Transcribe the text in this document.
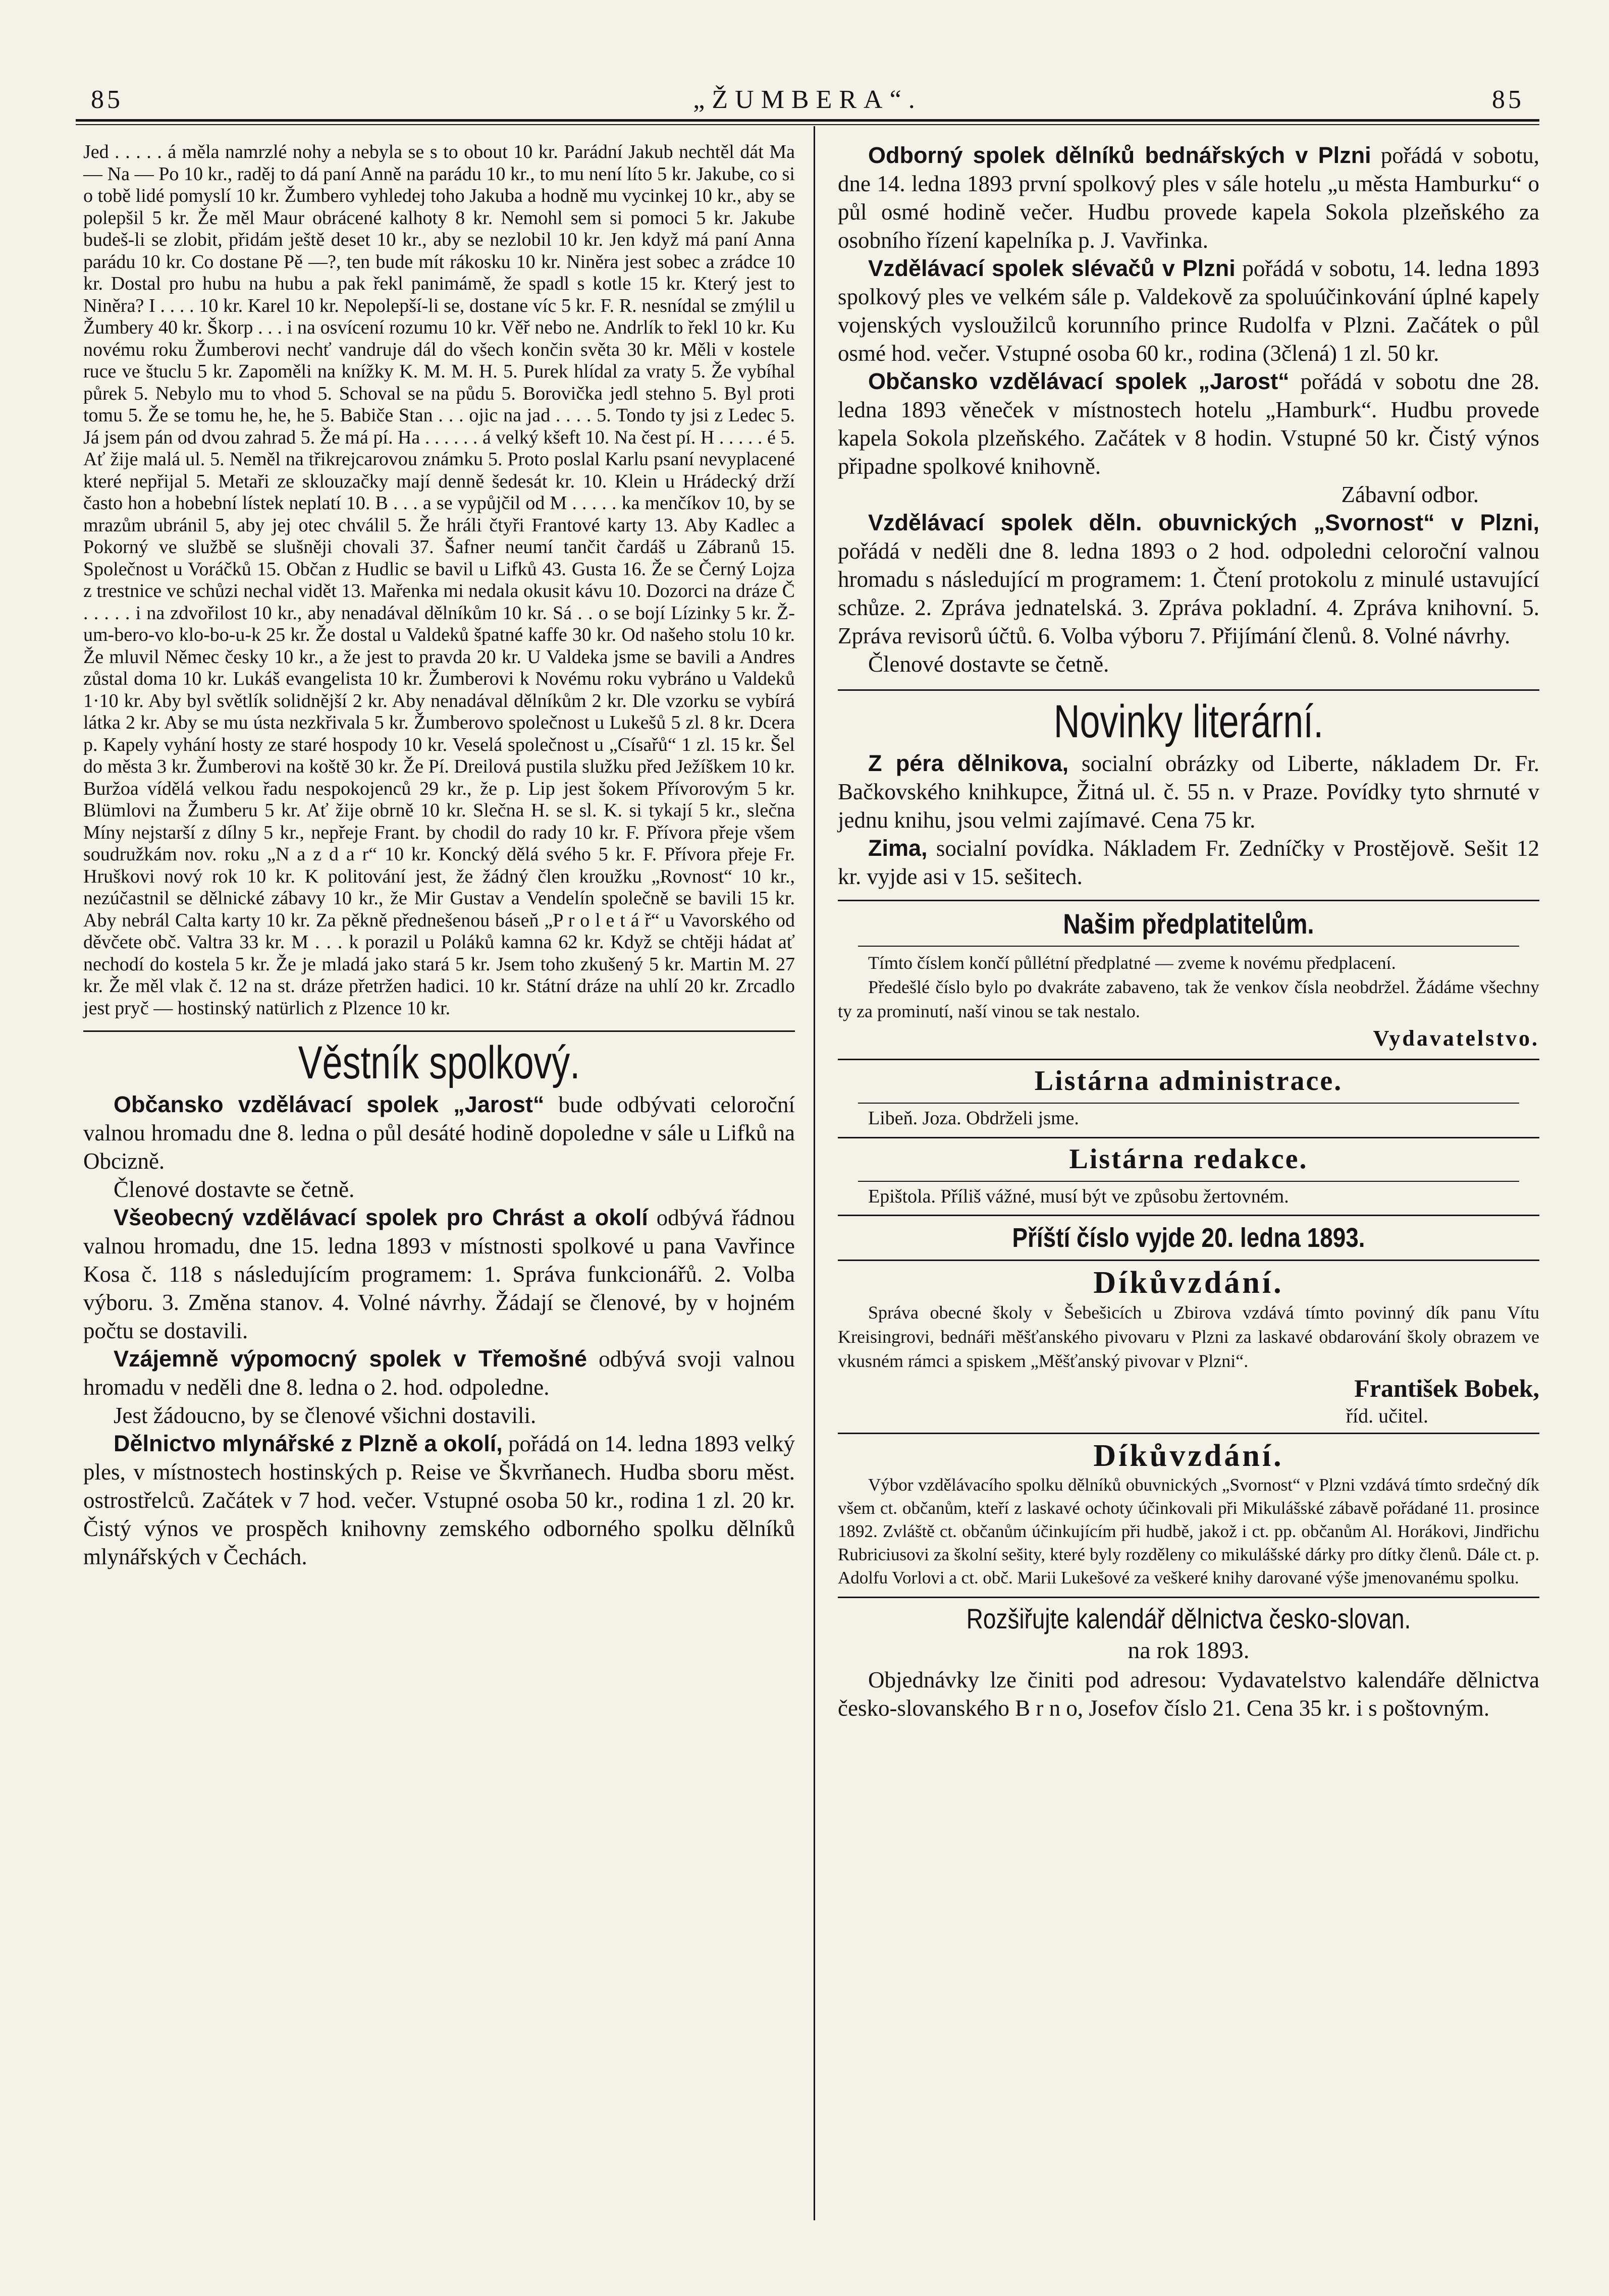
85	„ŽUMBERA“.	85

Jed . . . . . á měla namrzlé nohy a nebyla se s to obout 10 kr. Parádní Jakub nechtěl dát Ma — Na — Po 10 kr., raděj to dá paní Anně na parádu 10 kr., to mu není líto 5 kr. Jakube, co si o tobě lidé pomyslí 10 kr. Žumbero vyhledej toho Jakuba a hodně mu vycinkej 10 kr., aby se polepšil 5 kr. Že měl Maur obrácené kalhoty 8 kr. Nemohl sem si pomoci 5 kr. Jakube budeš-li se zlobit, přidám ještě deset 10 kr., aby se nezlobil 10 kr. Jen když má paní Anna parádu 10 kr. Co dostane Pě —?, ten bude mít rákosku 10 kr. Niněra jest sobec a zrádce 10 kr. Dostal pro hubu na hubu a pak řekl panimámě, že spadl s kotle 15 kr. Který jest to Niněra? I . . . . 10 kr. Karel 10 kr. Nepolepší-li se, dostane víc 5 kr. F. R. nesnídal se zmýlil u Žumbery 40 kr. Škorp . . . i na osvícení rozumu 10 kr. Věř nebo ne. Andrlík to řekl 10 kr. Ku novému roku Žumberovi nechť vandruje dál do všech končin světa 30 kr. Měli v kostele ruce ve štuclu 5 kr. Zapoměli na knížky K. M. M. H. 5. Purek hlídal za vraty 5. Že vybíhal půrek 5. Nebylo mu to vhod 5. Schoval se na půdu 5. Borovička jedl stehno 5. Byl proti tomu 5. Že se tomu he, he, he 5. Babiče Stan . . . ojic na jad . . . . 5. Tondo ty jsi z Ledec 5. Já jsem pán od dvou zahrad 5. Že má pí. Ha . . . . . . á velký kšeft 10. Na čest pí. H . . . . . é 5. Ať žije malá ul. 5. Neměl na třikrejcarovou známku 5. Proto poslal Karlu psaní nevyplacené které nepřijal 5. Metaři ze sklouzačky mají denně šedesát kr. 10. Klein u Hrádecký drží často hon a hobební lístek neplatí 10. B . . . a se vypůjčil od M . . . . . ka menčíkov 10, by se mrazům ubránil 5, aby jej otec chválil 5. Že hráli čtyři Frantové karty 13. Aby Kadlec a Pokorný ve službě se slušněji chovali 37. Šafner neumí tančit čardáš u Zábranů 15. Společnost u Voráčků 15. Občan z Hudlic se bavil u Lifků 43. Gusta 16. Že se Černý Lojza z trestnice ve schůzi nechal vidět 13. Mařenka mi nedala okusit kávu 10. Dozorci na dráze Č . . . . . i na zdvořilost 10 kr., aby nenadával dělníkům 10 kr. Sá . . o se bojí Lízinky 5 kr. Ž-um-bero-vo klo-bo-u-k 25 kr. Že dostal u Valdeků špatné kaffe 30 kr. Od našeho stolu 10 kr. Že mluvil Němec česky 10 kr., a že jest to pravda 20 kr. U Valdeka jsme se bavili a Andres zůstal doma 10 kr. Lukáš evangelista 10 kr. Žumberovi k Novému roku vybráno u Valdeků 1·10 kr. Aby byl světlík solidnější 2 kr. Aby nenadával dělníkům 2 kr. Dle vzorku se vybírá látka 2 kr. Aby se mu ústa nezkřivala 5 kr. Žumberovo společnost u Lukešů 5 zl. 8 kr. Dcera p. Kapely vyhání hosty ze staré hospody 10 kr. Veselá společnost u „Císařů“ 1 zl. 15 kr. Šel do města 3 kr. Žumberovi na koště 30 kr. Že Pí. Dreilová pustila služku před Ježíškem 10 kr. Buržoa vídělá velkou řadu nespokojenců 29 kr., že p. Lip jest šokem Přívorovým 5 kr. Blümlovi na Žumberu 5 kr. Ať žije obrně 10 kr. Slečna H. se sl. K. si tykají 5 kr., slečna Míny nejstarší z dílny 5 kr., nepřeje Frant. by chodil do rady 10 kr. F. Přívora přeje všem soudružkám nov. roku „N a z d a r“ 10 kr. Koncký dělá svého 5 kr. F. Přívora přeje Fr. Hruškovi nový rok 10 kr. K politování jest, že žádný člen kroužku „Rovnost“ 10 kr., nezúčastnil se dělnické zábavy 10 kr., že Mir Gustav a Vendelín společně se bavili 15 kr. Aby nebrál Calta karty 10 kr. Za pěkně přednešenou báseň „P r o l e t á ř“ u Vavorského od děvčete obč. Valtra 33 kr. M . . . k porazil u Poláků kamna 62 kr. Když se chtěji hádat ať nechodí do kostela 5 kr. Že je mladá jako stará 5 kr. Jsem toho zkušený 5 kr. Martin M. 27 kr. Že měl vlak č. 12 na st. dráze přetržen hadici. 10 kr. Státní dráze na uhlí 20 kr. Zrcadlo jest pryč — hostinský natürlich z Plzence 10 kr.

Věstník spolkový.

Občansko vzdělávací spolek „Jarost“ bude odbývati celoroční valnou hromadu dne 8. ledna o půl desáté hodině dopoledne v sále u Lifků na Obcizně.

Členové dostavte se četně.

Všeobecný vzdělávací spolek pro Chrást a okolí odbývá řádnou valnou hromadu, dne 15. ledna 1893 v místnosti spolkové u pana Vavřince Kosa č. 118 s následujícím programem: 1. Správa funkcionářů. 2. Volba výboru. 3. Změna stanov. 4. Volné návrhy. Žádají se členové, by v hojném počtu se dostavili.

Vzájemně výpomocný spolek v Třemošné odbývá svoji valnou hromadu v neděli dne 8. ledna o 2. hod. odpoledne.

Jest žádoucno, by se členové všichni dostavili.

Dělnictvo mlynářské z Plzně a okolí, pořádá on 14. ledna 1893 velký ples, v místnostech hostinských p. Reise ve Škvrňanech. Hudba sboru měst. ostrostřelců. Začátek v 7 hod. večer. Vstupné osoba 50 kr., rodina 1 zl. 20 kr. Čistý výnos ve prospěch knihovny zemského odborného spolku dělníků mlynářských v Čechách.

Odborný spolek dělníků bednářských v Plzni pořádá v sobotu, dne 14. ledna 1893 první spolkový ples v sále hotelu „u města Hamburku“ o půl osmé hodině večer. Hudbu provede kapela Sokola plzeňského za osobního řízení kapelníka p. J. Vavřinka.

Vzdělávací spolek slévačů v Plzni pořádá v sobotu, 14. ledna 1893 spolkový ples ve velkém sále p. Valdekově za spoluúčinkování úplné kapely vojenských vysloužilců korunního prince Rudolfa v Plzni. Začátek o půl osmé hod. večer. Vstupné osoba 60 kr., rodina (3člená) 1 zl. 50 kr.

Občansko vzdělávací spolek „Jarost“ pořádá v sobotu dne 28. ledna 1893 věneček v místnostech hotelu „Hamburk“. Hudbu provede kapela Sokola plzeňského. Začátek v 8 hodin. Vstupné 50 kr. Čistý výnos připadne spolkové knihovně.

Zábavní odbor.

Vzdělávací spolek děln. obuvnických „Svornost“ v Plzni, pořádá v neděli dne 8. ledna 1893 o 2 hod. odpoledni celoroční valnou hromadu s následující m programem: 1. Čtení protokolu z minulé ustavující schůze. 2. Zpráva jednatelská. 3. Zpráva pokladní. 4. Zpráva knihovní. 5. Zpráva revisorů účtů. 6. Volba výboru 7. Přijímání členů. 8. Volné návrhy.

Členové dostavte se četně.

Novinky literární.

Z péra dělnikova, socialní obrázky od Liberte, nákladem Dr. Fr. Bačkovského knihkupce, Žitná ul. č. 55 n. v Praze. Povídky tyto shrnuté v jednu knihu, jsou velmi zajímavé. Cena 75 kr.

Zima, socialní povídka. Nákladem Fr. Zedníčky v Prostějově. Sešit 12 kr. vyjde asi v 15. sešitech.

Našim předplatitelům.

Tímto číslem končí půllétní předplatné — zveme k novému předplacení.

Předešlé číslo bylo po dvakráte zabaveno, tak že venkov čísla neobdržel. Žádáme všechny ty za prominutí, naší vinou se tak nestalo.

Vydavatelstvo.

Listárna administrace.

Libeň. Joza. Obdrželi jsme.

Listárna redakce.

Epištola. Příliš vážné, musí být ve způsobu žertovném.

Příští číslo vyjde 20. ledna 1893.
Díkůvzdání.

Správa obecné školy v Šebešicích u Zbirova vzdává tímto povinný dík panu Vítu Kreisingrovi, bednáři měšťanského pivovaru v Plzni za laskavé obdarování školy obrazem ve vkusném rámci a spiskem „Měšťanský pivovar v Plzni“.

František Bobek,

říd. učitel.

Díkůvzdání.

Výbor vzdělávacího spolku dělníků obuvnických „Svornost“ v Plzni vzdává tímto srdečný dík všem ct. občanům, kteří z laskavé ochoty účinkovali při Mikulášské zábavě pořádané 11. prosince 1892. Zvláště ct. občanům účinkujícím při hudbě, jakož i ct. pp. občanům Al. Horákovi, Jindřichu Rubriciusovi za školní sešity, které byly rozděleny co mikulášské dárky pro dítky členů. Dále ct. p. Adolfu Vorlovi a ct. obč. Marii Lukešové za veškeré knihy darované výše jmenovanému spolku.

Rozšiřujte kalendář dělnictva česko-slovan.
na rok 1893.

Objednávky lze činiti pod adresou: Vydavatelstvo kalendáře dělnictva česko-slovanského B r n o, Josefov číslo 21. Cena 35 kr. i s poštovným.
